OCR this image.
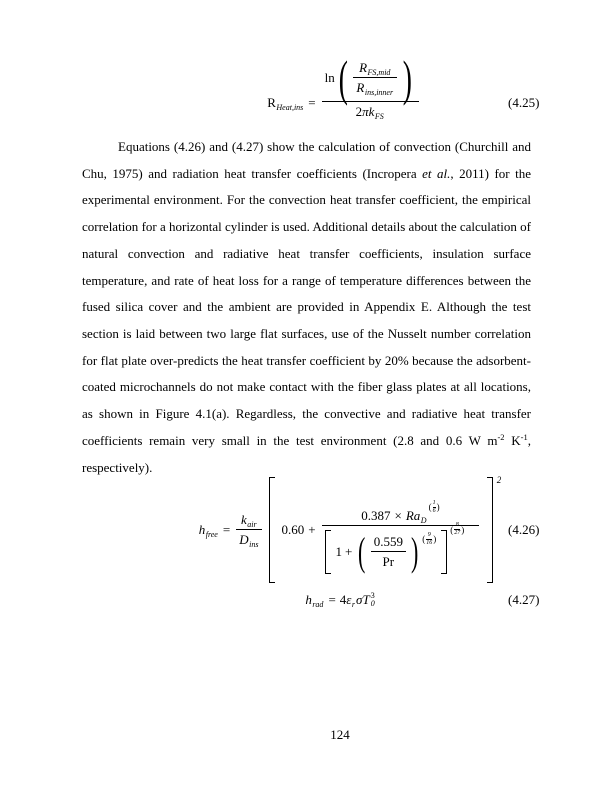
R Heat,ins =
ln ( $\frac{\text{R FS,mid}}{\text{R ins,inner}}$ )
2 π k FS
(4.25)
Equations (4.26) and (4.27) show the calculation of convection (Churchill and Chu, 1975) and radiation heat transfer coefficients (Incropera et al., 2011) for the experimental environment. For the convection heat transfer coefficient, the empirical correlation for a horizontal cylinder is used. Additional details about the calculation of natural convection and radiative heat transfer coefficients, insulation surface temperature, and rate of heat loss for a range of temperature differences between the fused silica cover and the ambient are provided in Appendix E. Although the test section is laid between two large flat surfaces, use of the Nusselt number correlation for flat plate over-predicts the heat transfer coefficient by 20% because the adsorbent-coated microchannels do not make contact with the fiber glass plates at all locations, as shown in Figure 4.1(a). Regardless, the convective and radiative heat transfer coefficients remain very small in the test environment (2.8 and 0.6 W $m^{-2}$ $K^{-1}$, respectively).
h free = $\frac{\text{k air}}{\text{D ins}} 0.60$ +
0.387 × Ra D
( $\frac{1}{6}$ )
1 + ( $\frac{0.559}{Pr}$ ) ( $\frac{9}{16}$ )
( $\frac{8}{27}$ )
2
(4.26)
h rad = 4 ε r σ T 3
0	(4.27)
124
